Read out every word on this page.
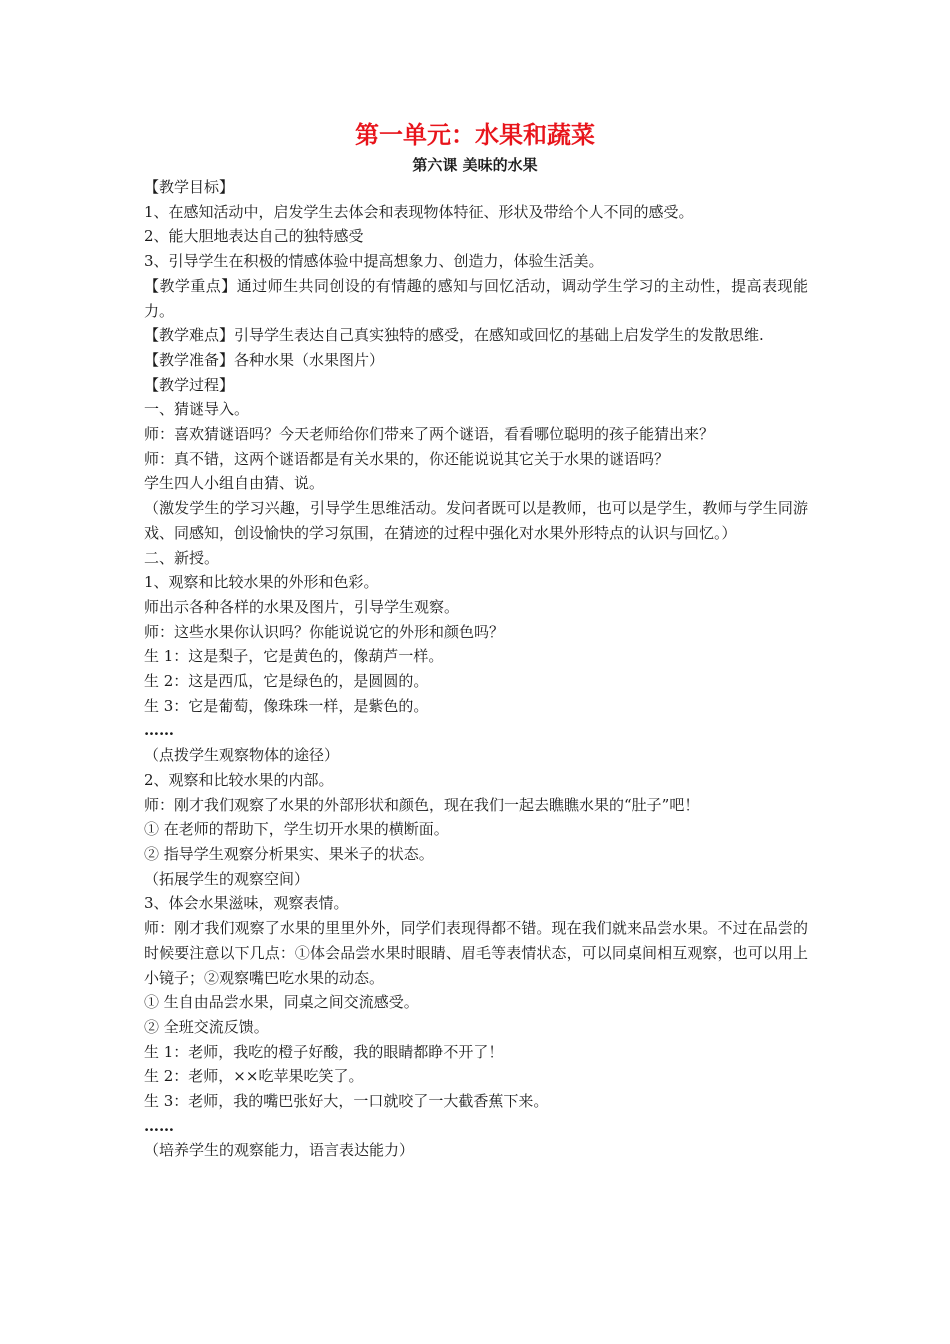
第一单元：水果和蔬菜
第六课 美味的水果

【教学目标】

1、在感知活动中，启发学生去体会和表现物体特征、形状及带给个人不同的感受。

2、能大胆地表达自己的独特感受

3、引导学生在积极的情感体验中提高想象力、创造力，体验生活美。

【教学重点】通过师生共同创设的有情趣的感知与回忆活动，调动学生学习的主动性，提高表现能力。

【教学难点】引导学生表达自己真实独特的感受，在感知或回忆的基础上启发学生的发散思维.

【教学准备】各种水果（水果图片）

【教学过程】

一、猜谜导入。

师：喜欢猜谜语吗？今天老师给你们带来了两个谜语，看看哪位聪明的孩子能猜出来？

师：真不错，这两个谜语都是有关水果的，你还能说说其它关于水果的谜语吗？

学生四人小组自由猜、说。

（激发学生的学习兴趣，引导学生思维活动。发问者既可以是教师，也可以是学生，教师与学生同游戏、同感知，创设愉快的学习氛围，在猜迹的过程中强化对水果外形特点的认识与回忆。）

二、新授。

1、观察和比较水果的外形和色彩。

师出示各种各样的水果及图片，引导学生观察。

师：这些水果你认识吗？你能说说它的外形和颜色吗？

生 1：这是梨子，它是黄色的，像葫芦一样。

生 2：这是西瓜，它是绿色的，是圆圆的。

生 3：它是葡萄，像珠珠一样，是紫色的。

……

（点拨学生观察物体的途径）

2、观察和比较水果的内部。

师：刚才我们观察了水果的外部形状和颜色，现在我们一起去瞧瞧水果的“肚子”吧！

① 在老师的帮助下，学生切开水果的横断面。

② 指导学生观察分析果实、果米子的状态。

（拓展学生的观察空间）

3、体会水果滋味，观察表情。

师：刚才我们观察了水果的里里外外，同学们表现得都不错。现在我们就来品尝水果。不过在品尝的时候要注意以下几点：①体会品尝水果时眼睛、眉毛等表情状态，可以同桌间相互观察，也可以用上小镜子；②观察嘴巴吃水果的动态。

① 生自由品尝水果，同桌之间交流感受。

② 全班交流反馈。

生 1：老师，我吃的橙子好酸，我的眼睛都睁不开了！

生 2：老师，××吃苹果吃笑了。

生 3：老师，我的嘴巴张好大，一口就咬了一大截香蕉下来。

……

（培养学生的观察能力，语言表达能力）
